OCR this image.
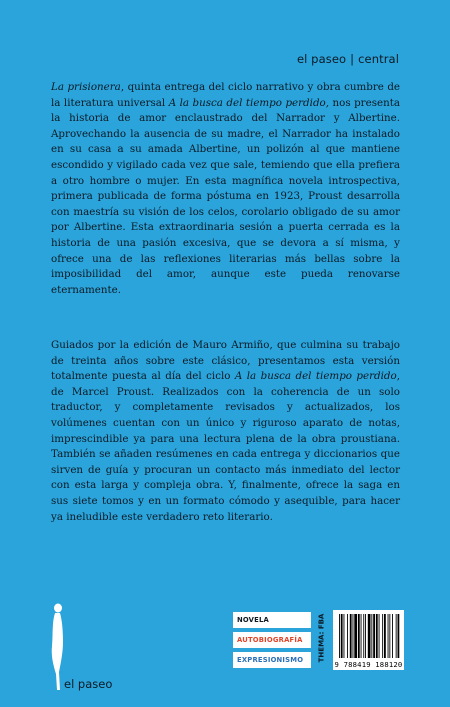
el paseo | central

La prisionera, quinta entrega del ciclo narrativo y obra cumbre de la literatura universal A la busca del tiempo perdido, nos presenta la historia de amor enclaustrado del Narrador y Albertine. Aprovechando la ausencia de su madre, el Narrador ha instalado en su casa a su amada Albertine, un polizón al que mantiene escondido y vigilado cada vez que sale, temiendo que ella prefiera a otro hombre o mujer. En esta magnífica novela introspectiva, primera publicada de forma póstuma en 1923, Proust desarrolla con maestría su visión de los celos, corolario obligado de su amor por Albertine. Esta extraordinaria sesión a puerta cerrada es la historia de una pasión excesiva, que se devora a sí misma, y ofrece una de las reflexiones literarias más bellas sobre la imposibilidad del amor, aunque este pueda renovarse eternamente.

Guiados por la edición de Mauro Armiño, que culmina su trabajo de treinta años sobre este clásico, presentamos esta versión totalmente puesta al día del ciclo A la busca del tiempo perdido, de Marcel Proust. Realizados con la coherencia de un solo traductor, y completamente revisados y actualizados, los volúmenes cuentan con un único y riguroso aparato de notas, imprescindible ya para una lectura plena de la obra proustiana. También se añaden resúmenes en cada entrega y diccionarios que sirven de guía y procuran un contacto más inmediato del lector con esta larga y compleja obra. Y, finalmente, ofrece la saga en sus siete tomos y en un formato cómodo y asequible, para hacer ya ineludible este verdadero reto literario.

el paseo
NOVELA
AUTOBIOGRAFÍA
EXPRESIONISMO	THEMA: FBA
9 788419 188120
